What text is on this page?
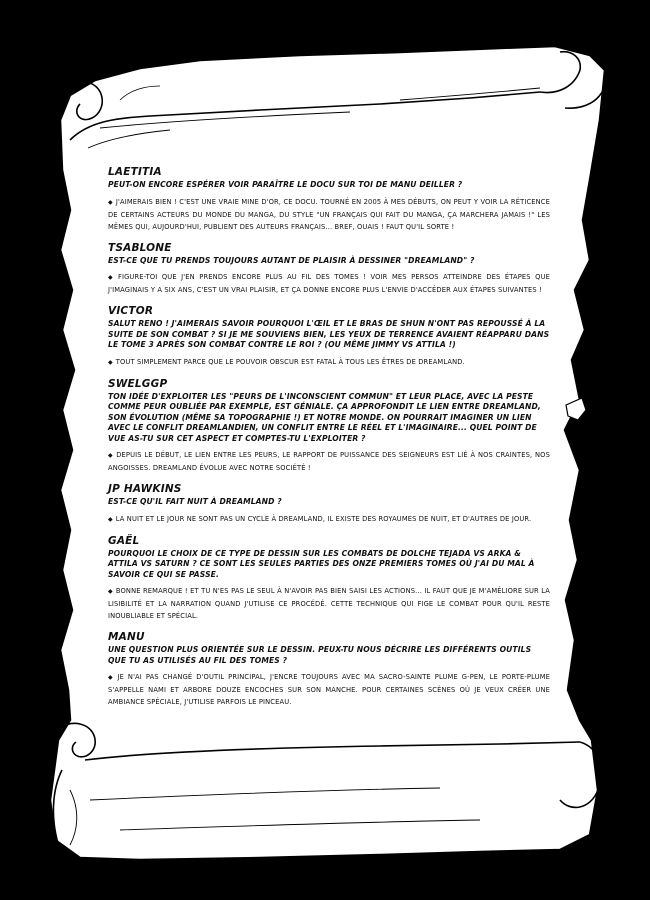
LAETITIA

PEUT-ON ENCORE ESPÉRER VOIR PARAÎTRE LE DOCU SUR TOI DE MANU DEILLER ?

◆ J'AIMERAIS BIEN ! C'EST UNE VRAIE MINE D'OR, CE DOCU. TOURNÉ EN 2005 À MES DÉBUTS, ON PEUT Y VOIR LA RÉTICENCE DE CERTAINS ACTEURS DU MONDE DU MANGA, DU STYLE "UN FRANÇAIS QUI FAIT DU MANGA, ÇA MARCHERA JAMAIS !" LES MÊMES QUI, AUJOURD'HUI, PUBLIENT DES AUTEURS FRANÇAIS... BREF, OUAIS ! FAUT QU'IL SORTE !

TSABLONE

EST-CE QUE TU PRENDS TOUJOURS AUTANT DE PLAISIR À DESSINER "DREAMLAND" ?

◆ FIGURE-TOI QUE J'EN PRENDS ENCORE PLUS AU FIL DES TOMES ! VOIR MES PERSOS ATTEINDRE DES ÉTAPES QUE J'IMAGINAIS Y A SIX ANS, C'EST UN VRAI PLAISIR, ET ÇA DONNE ENCORE PLUS L'ENVIE D'ACCÉDER AUX ÉTAPES SUIVANTES !

VICTOR

SALUT RENO ! J'AIMERAIS SAVOIR POURQUOI L'ŒIL ET LE BRAS DE SHUN N'ONT PAS REPOUSSÉ À LA SUITE DE SON COMBAT ? SI JE ME SOUVIENS BIEN, LES YEUX DE TERRENCE AVAIENT RÉAPPARU DANS LE TOME 3 APRÈS SON COMBAT CONTRE LE ROI ? (OU MÊME JIMMY VS ATTILA !)

◆ TOUT SIMPLEMENT PARCE QUE LE POUVOIR OBSCUR EST FATAL À TOUS LES ÊTRES DE DREAMLAND.

SWELGGP

TON IDÉE D'EXPLOITER LES "PEURS DE L'INCONSCIENT COMMUN" ET LEUR PLACE, AVEC LA PESTE COMME PEUR OUBLIÉE PAR EXEMPLE, EST GÉNIALE. ÇA APPROFONDIT LE LIEN ENTRE DREAMLAND, SON ÉVOLUTION (MÊME SA TOPOGRAPHIE !) ET NOTRE MONDE. ON POURRAIT IMAGINER UN LIEN AVEC LE CONFLIT DREAMLANDIEN, UN CONFLIT ENTRE LE RÉEL ET L'IMAGINAIRE... QUEL POINT DE VUE AS-TU SUR CET ASPECT ET COMPTES-TU L'EXPLOITER ?

◆ DEPUIS LE DÉBUT, LE LIEN ENTRE LES PEURS, LE RAPPORT DE PUISSANCE DES SEIGNEURS EST LIÉ À NOS CRAINTES, NOS ANGOISSES. DREAMLAND ÉVOLUE AVEC NOTRE SOCIÉTÉ !

JP HAWKINS

EST-CE QU'IL FAIT NUIT À DREAMLAND ?

◆ LA NUIT ET LE JOUR NE SONT PAS UN CYCLE À DREAMLAND, IL EXISTE DES ROYAUMES DE NUIT, ET D'AUTRES DE JOUR.

GAËL

POURQUOI LE CHOIX DE CE TYPE DE DESSIN SUR LES COMBATS DE DOLCHE TEJADA VS ARKA & ATTILA VS SATURN ? CE SONT LES SEULES PARTIES DES ONZE PREMIERS TOMES OÙ J'AI DU MAL À SAVOIR CE QUI SE PASSE.

◆ BONNE REMARQUE ! ET TU N'ES PAS LE SEUL À N'AVOIR PAS BIEN SAISI LES ACTIONS... IL FAUT QUE JE M'AMÉLIORE SUR LA LISIBILITÉ ET LA NARRATION QUAND J'UTILISE CE PROCÉDÉ. CETTE TECHNIQUE QUI FIGE LE COMBAT POUR QU'IL RESTE INOUBLIABLE ET SPÉCIAL.

MANU

UNE QUESTION PLUS ORIENTÉE SUR LE DESSIN. PEUX-TU NOUS DÉCRIRE LES DIFFÉRENTS OUTILS QUE TU AS UTILISÉS AU FIL DES TOMES ?

◆ JE N'AI PAS CHANGÉ D'OUTIL PRINCIPAL, J'ENCRE TOUJOURS AVEC MA SACRO-SAINTE PLUME G-PEN, LE PORTE-PLUME S'APPELLE NAMI ET ARBORE DOUZE ENCOCHES SUR SON MANCHE. POUR CERTAINES SCÈNES OÙ JE VEUX CRÉER UNE AMBIANCE SPÉCIALE, J'UTILISE PARFOIS LE PINCEAU.
